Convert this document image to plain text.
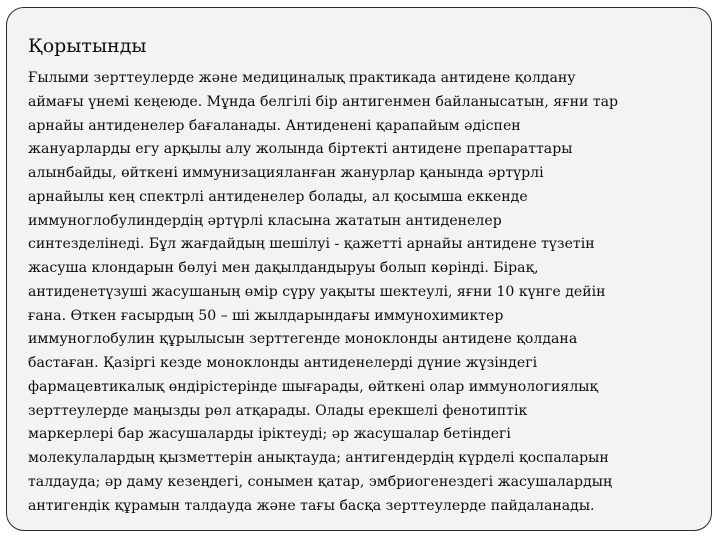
Қорытынды
Ғылыми зерттеулерде және медициналық практикада антидене қолдану
аймағы үнемі кеңеюде. Мұнда белгілі бір антигенмен байланысатын, яғни тар
арнайы антиденелер бағаланады. Антиденені қарапайым әдіспен
жануарларды егу арқылы алу жолында біртекті антидене препараттары
алынбайды, өйткені иммунизацияланған жанурлар қанында әртүрлі
арнайылы кең спектрлі антиденелер болады, ал қосымша еккенде
иммуноглобулиндердің әртүрлі класына жататын антиденелер
синтезделінеді. Бұл жағдайдың шешілуі - қажетті арнайы антидене түзетін
жасуша клондарын бөлуі мен дақылдандыруы болып көрінді. Бірақ,
антиденетүзуші жасушаның өмір сүру уақыты шектеулі, яғни 10 күнге дейін
ғана. Өткен ғасырдың 50 – ші жылдарындағы иммунохимиктер
иммуноглобулин құрылысын зерттегенде моноклонды антидене қолдана
бастаған. Қазіргі кезде моноклонды антиденелерді дүние жүзіндегі
фармацевтикалық өндірістерінде шығарады, өйткені олар иммунологиялық
зерттеулерде маңызды рөл атқарады. Олады ерекшелі фенотиптік
маркерлері бар жасушаларды іріктеуді; әр жасушалар бетіндегі
молекулалардың қызметтерін анықтауда; антигендердің күрделі қоспаларын
талдауда; әр даму кезеңдегі, сонымен қатар, эмбриогенездегі жасушалардың
антигендік құрамын талдауда және тағы басқа зерттеулерде пайдаланады.
